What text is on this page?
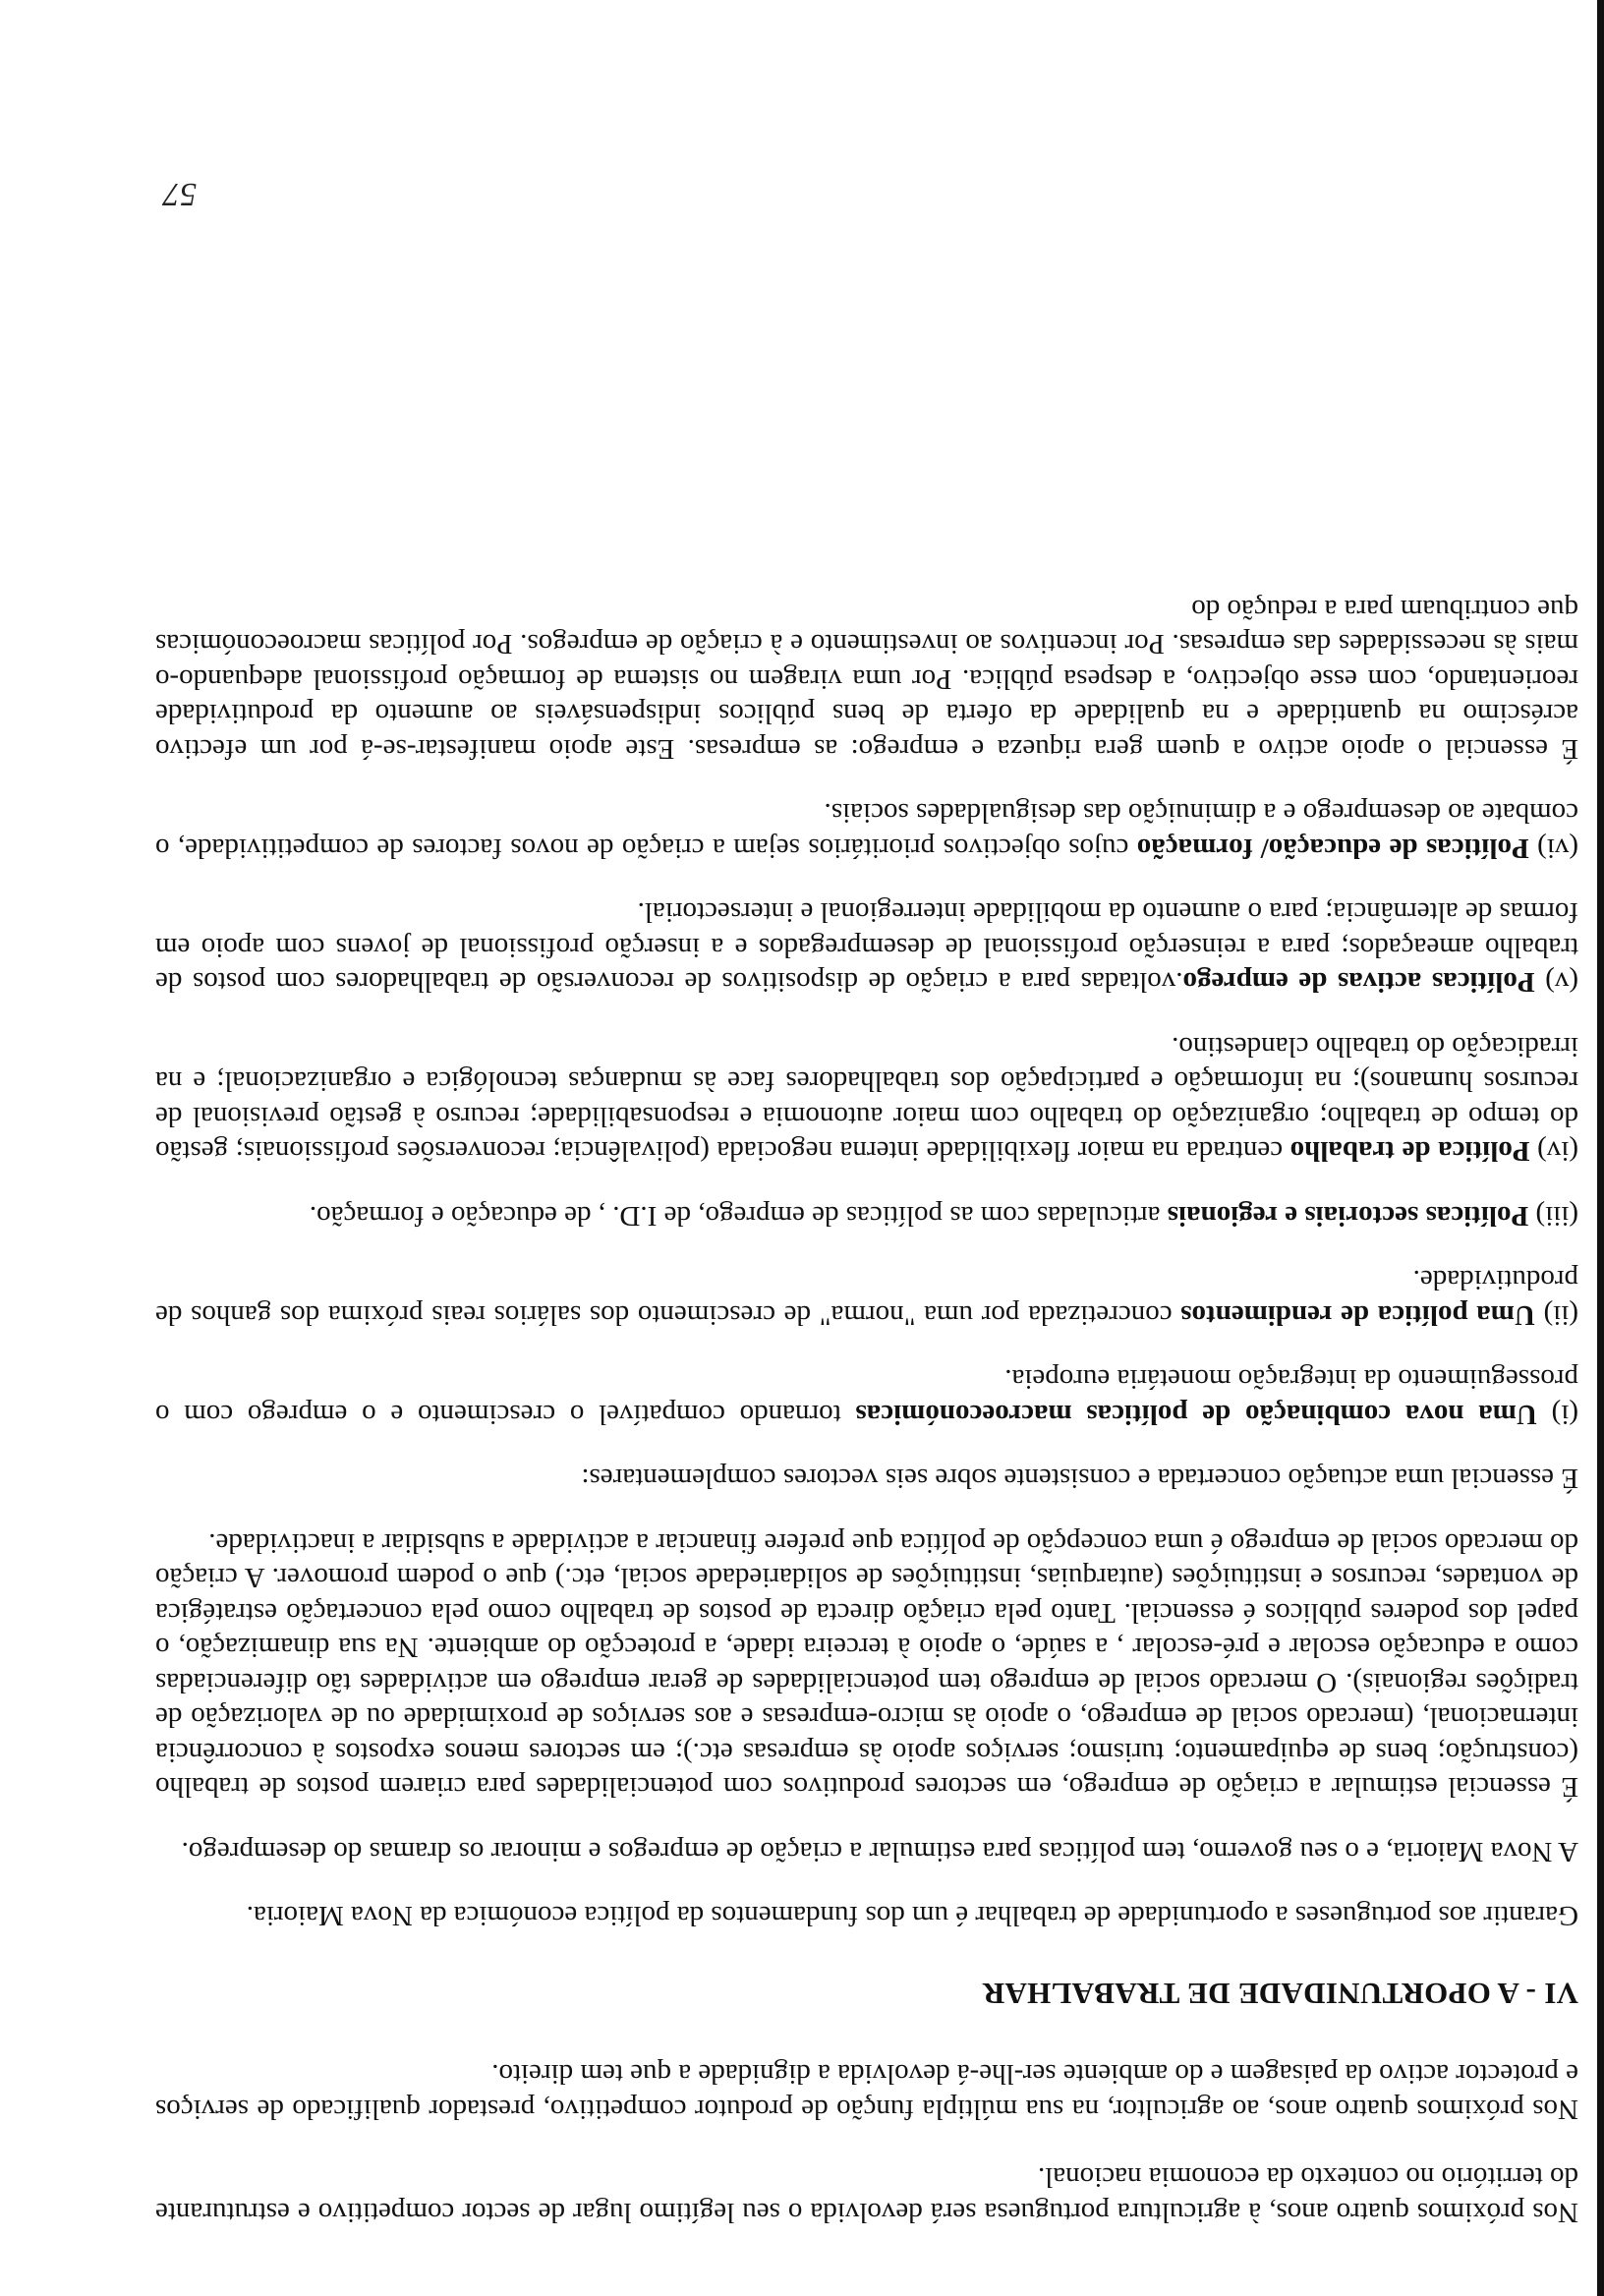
Nos próximos quatro anos, à agricultura portuguesa será devolvida o seu legítimo lugar de sector competitivo e estruturante do território no contexto da economia nacional.

Nos próximos quatro anos, ao agricultor, na sua múltipla função de produtor competitivo, prestador qualificado de serviços e protector activo da paisagem e do ambiente ser-lhe-á devolvida a dignidade a que tem direito.

VI - A OPORTUNIDADE DE TRABALHAR

Garantir aos portugueses a oportunidade de trabalhar é um dos fundamentos da política económica da Nova Maioria.

A Nova Maioria, e o seu governo, tem políticas para estimular a criação de empregos e minorar os dramas do desemprego.

É essencial estimular a criação de emprego, em sectores produtivos com potencialidades para criarem postos de trabalho (construção; bens de equipamento; turismo; serviços apoio às empresas etc.); em sectores menos expostos à concorrência internacional, (mercado social de emprego, o apoio às micro-empresas e aos serviços de proximidade ou de valorização de tradições regionais). O mercado social de emprego tem potencialidades de gerar emprego em actividades tão diferenciadas como a educação escolar e pré-escolar , a saúde, o apoio à terceira idade, a protecção do ambiente. Na sua dinamização, o papel dos poderes públicos é essencial. Tanto pela criação directa de postos de trabalho como pela concertação estratégica de vontades, recursos e instituições (autarquias, instituições de solidariedade social, etc.) que o podem promover. A criação do mercado social de emprego é uma concepção de política que prefere financiar a actividade a subsidiar a inactividade.

É essencial uma actuação concertada e consistente sobre seis vectores complementares:

(i) Uma nova combinação de políticas macroeconómicas tornando compatível o crescimento e o emprego com o prosseguimento da integração monetária europeia.

(ii) Uma política de rendimentos concretizada por uma "norma" de crescimento dos salários reais próxima dos ganhos de produtividade.

(iii) Políticas sectoriais e regionais articuladas com as políticas de emprego, de I.D. , de educação e formação.

(iv) Política de trabalho centrada na maior flexibilidade interna negociada (polivalência; reconversões profissionais; gestão do tempo de trabalho; organização do trabalho com maior autonomia e responsabilidade; recurso à gestão previsional de recursos humanos); na informação e participação dos trabalhadores face às mudanças tecnológica e organizacional; e na irradicação do trabalho clandestino.

(v) Políticas activas de emprego.voltadas para a criação de dispositivos de reconversão de trabalhadores com postos de trabalho ameaçados; para a reinserção profissional de desempregados e a inserção profissional de jovens com apoio em formas de alternância; para o aumento da mobilidade interregional e intersectorial.

(vi) Políticas de educação/ formação cujos objectivos prioritários sejam a criação de novos factores de competitividade, o combate ao desemprego e a diminuição das desigualdades sociais.

É essencial o apoio activo a quem gera riqueza e emprego: as empresas. Este apoio manifestar-se-á por um efectivo acréscimo na quantidade e na qualidade da oferta de bens públicos indispensáveis ao aumento da produtividade reorientando, com esse objectivo, a despesa pública. Por uma viragem no sistema de formação profissional adequando-o mais às necessidades das empresas. Por incentivos ao investimento e à criação de empregos. Por políticas macroeconómicas que contribuam para a redução do

57
